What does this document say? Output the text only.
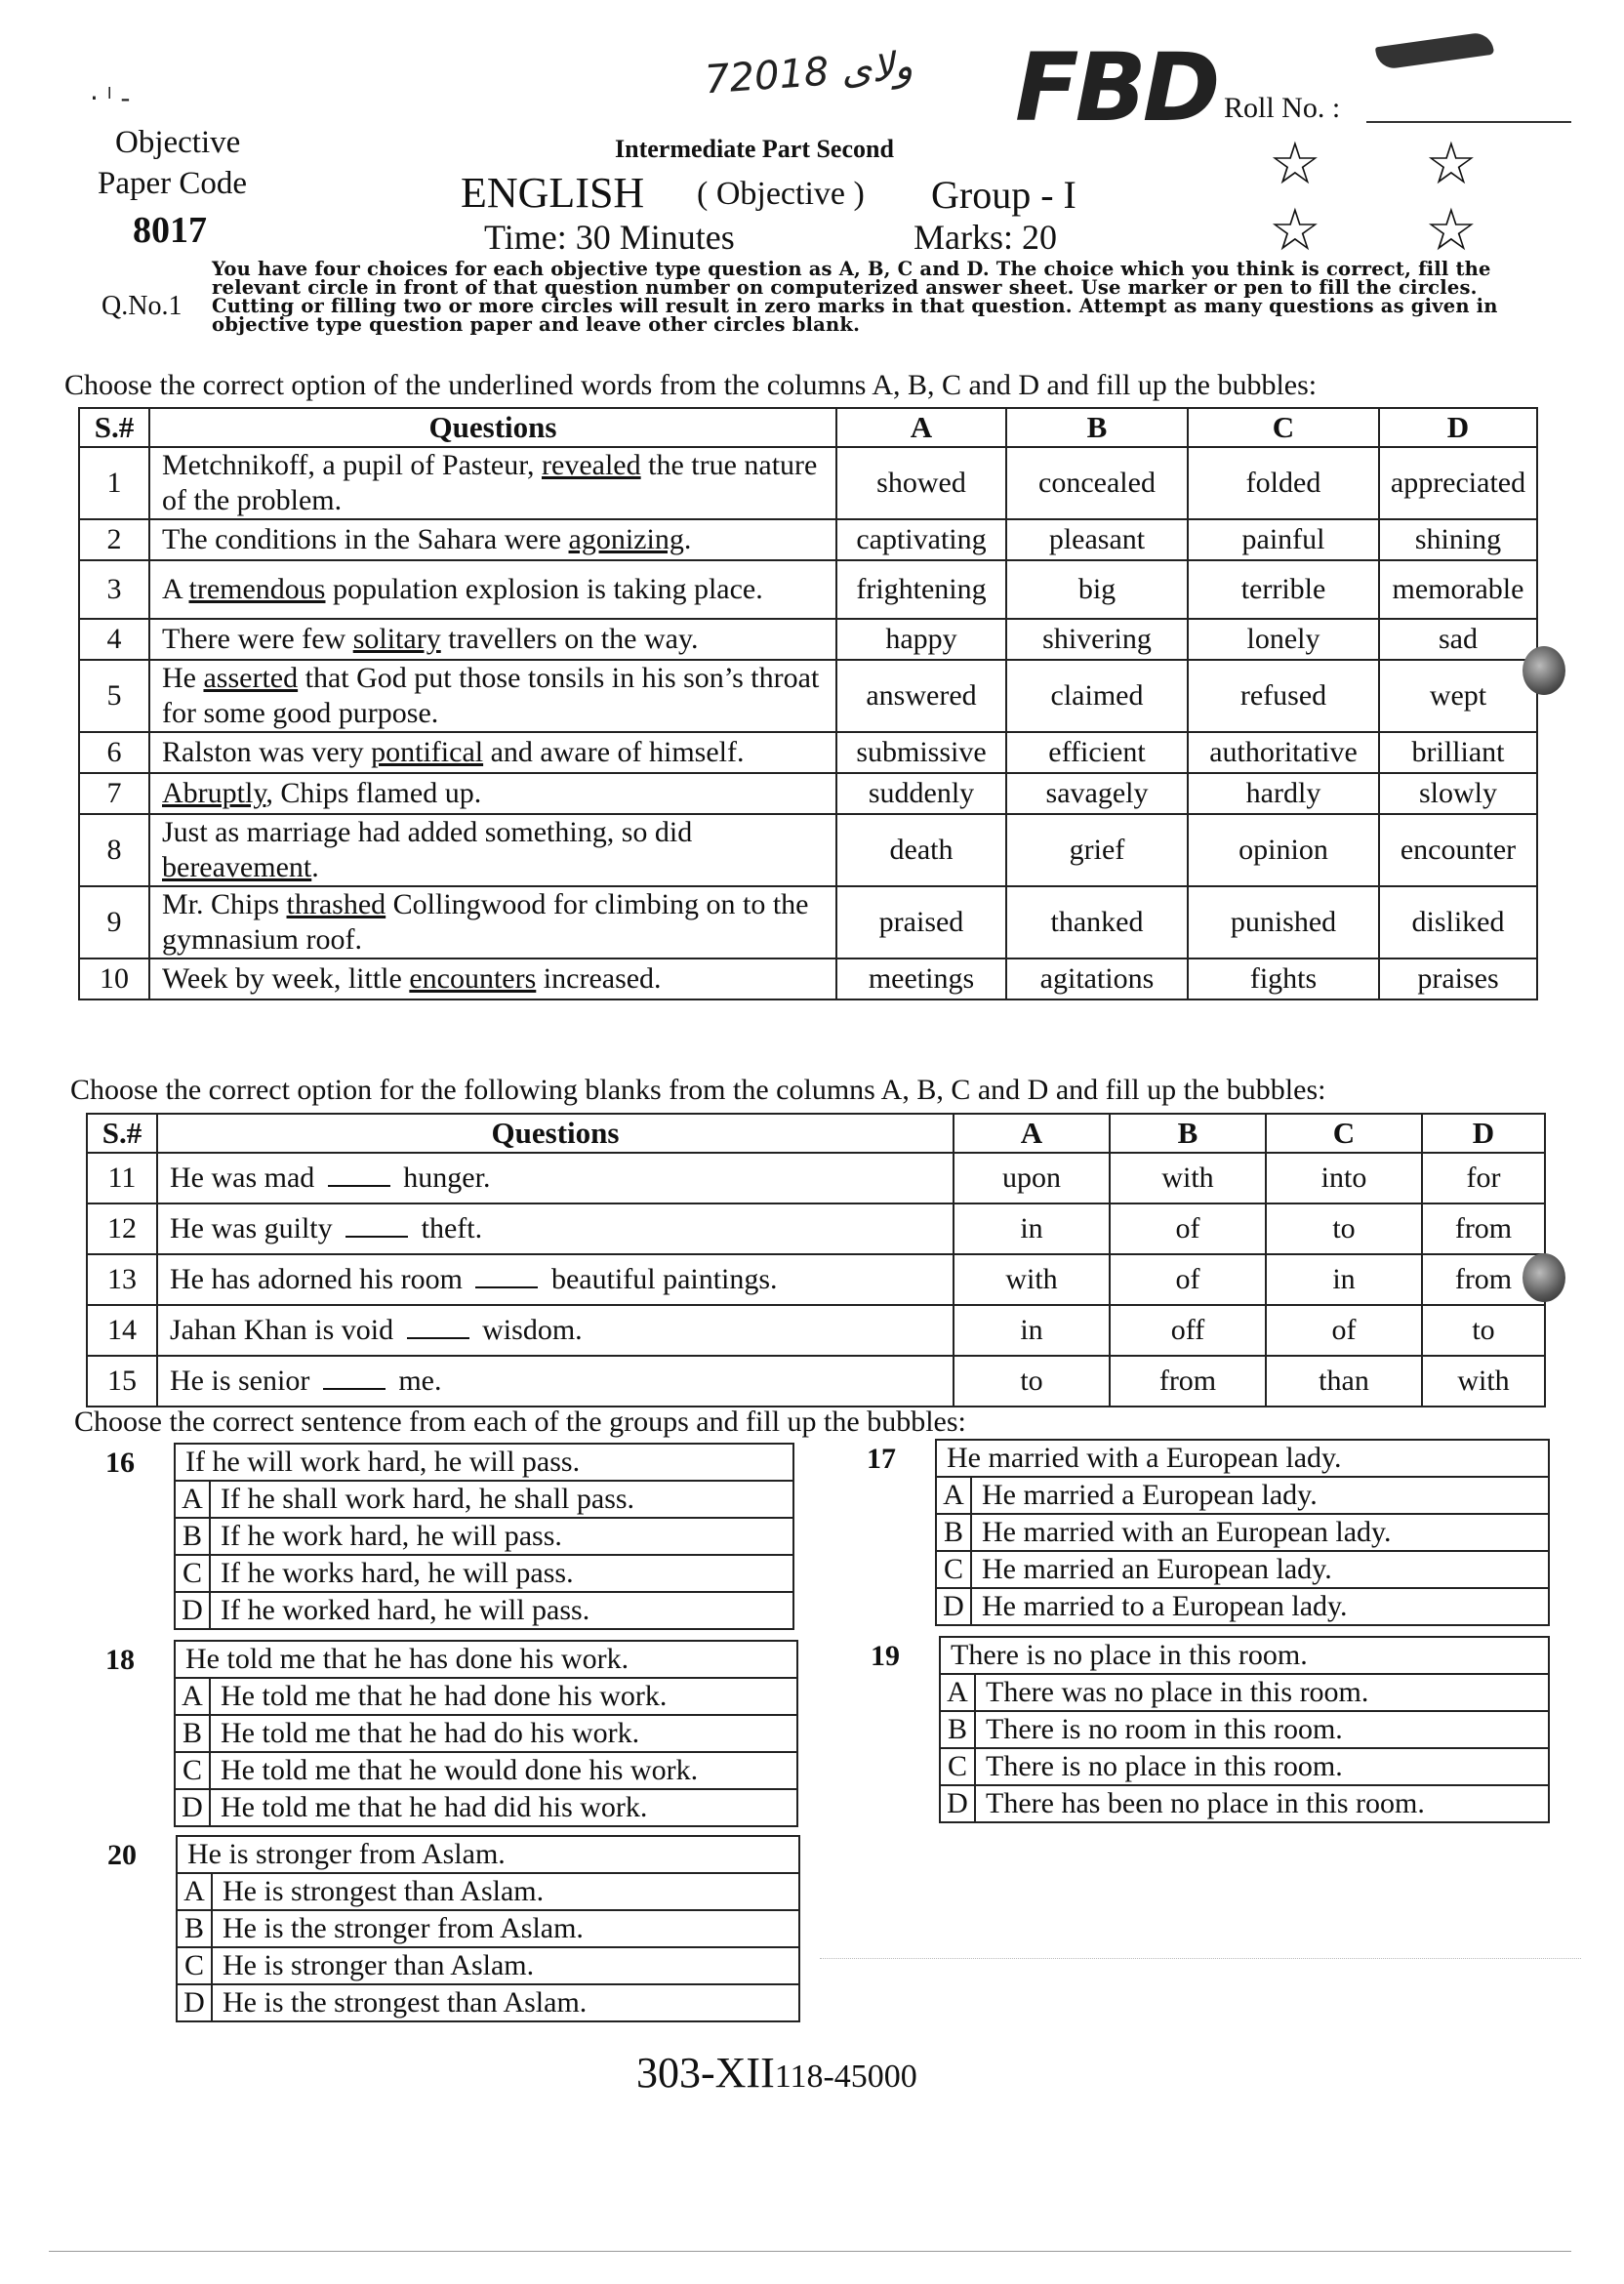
· ˡ ‐	72018 ولای FBD Roll No. :
☆ ☆
☆ ☆
Objective
Paper Code
8017
Intermediate Part Second
ENGLISH ( Objective ) Group - I
Time: 30 Minutes	Marks: 20
Q.No.1
You have four choices for each objective type question as A, B, C and D. The choice which you think is correct, fill the relevant circle in front of that question number on computerized answer sheet. Use marker or pen to fill the circles. Cutting or filling two or more circles will result in zero marks in that question. Attempt as many questions as given in objective type question paper and leave other circles blank.
Choose the correct option of the underlined words from the columns A, B, C and D and fill up the bubbles:
S.#	Questions	A	B	C	D
1	Metchnikoff, a pupil of Pasteur, revealed the true nature of the problem.	showed	concealed	folded	appreciated
2	The conditions in the Sahara were agonizing.	captivating	pleasant	painful	shining
3	A tremendous population explosion is taking place.	frightening	big	terrible	memorable
4	There were few solitary travellers on the way.	happy	shivering	lonely	sad
5	He asserted that God put those tonsils in his son’s throat for some good purpose.	answered	claimed	refused	wept
6	Ralston was very pontifical and aware of himself.	submissive	efficient	authoritative	brilliant
7	Abruptly, Chips flamed up.	suddenly	savagely	hardly	slowly
8	Just as marriage had added something, so did bereavement.	death	grief	opinion	encounter
9	Mr. Chips thrashed Collingwood for climbing on to the gymnasium roof.	praised	thanked	punished	disliked
10	Week by week, little encounters increased.	meetings	agitations	fights	praises
Choose the correct option for the following blanks from the columns A, B, C and D and fill up the bubbles:
S.#	Questions	A	B	C	D
11	He was mad hunger.	upon	with	into	for
12	He was guilty theft.	in	of	to	from
13	He has adorned his room beautiful paintings.	with	of	in	from
14	Jahan Khan is void wisdom.	in	off	of	to
15	He is senior me.	to	from	than	with
Choose the correct sentence from each of the groups and fill up the bubbles:
16 If he will work hard, he will pass.	
A	If he shall work hard, he shall pass.
B	If he work hard, he will pass.
C	If he works hard, he will pass.
D	If he worked hard, he will pass.
17 He married with a European lady.	
A	He married a European lady.
B	He married with an European lady.
C	He married an European lady.
D	He married to a European lady.
18 He told me that he has done his work.	
A	He told me that he had done his work.
B	He told me that he had do his work.
C	He told me that he would done his work.
D	He told me that he had did his work.
19 There is no place in this room.	
A	There was no place in this room.
B	There is no room in this room.
C	There is no place in this room.
D	There has been no place in this room.
20 He is stronger from Aslam.	
A	He is strongest than Aslam.
B	He is the stronger from Aslam.
C	He is stronger than Aslam.
D	He is the strongest than Aslam.
303-XII118-45000
